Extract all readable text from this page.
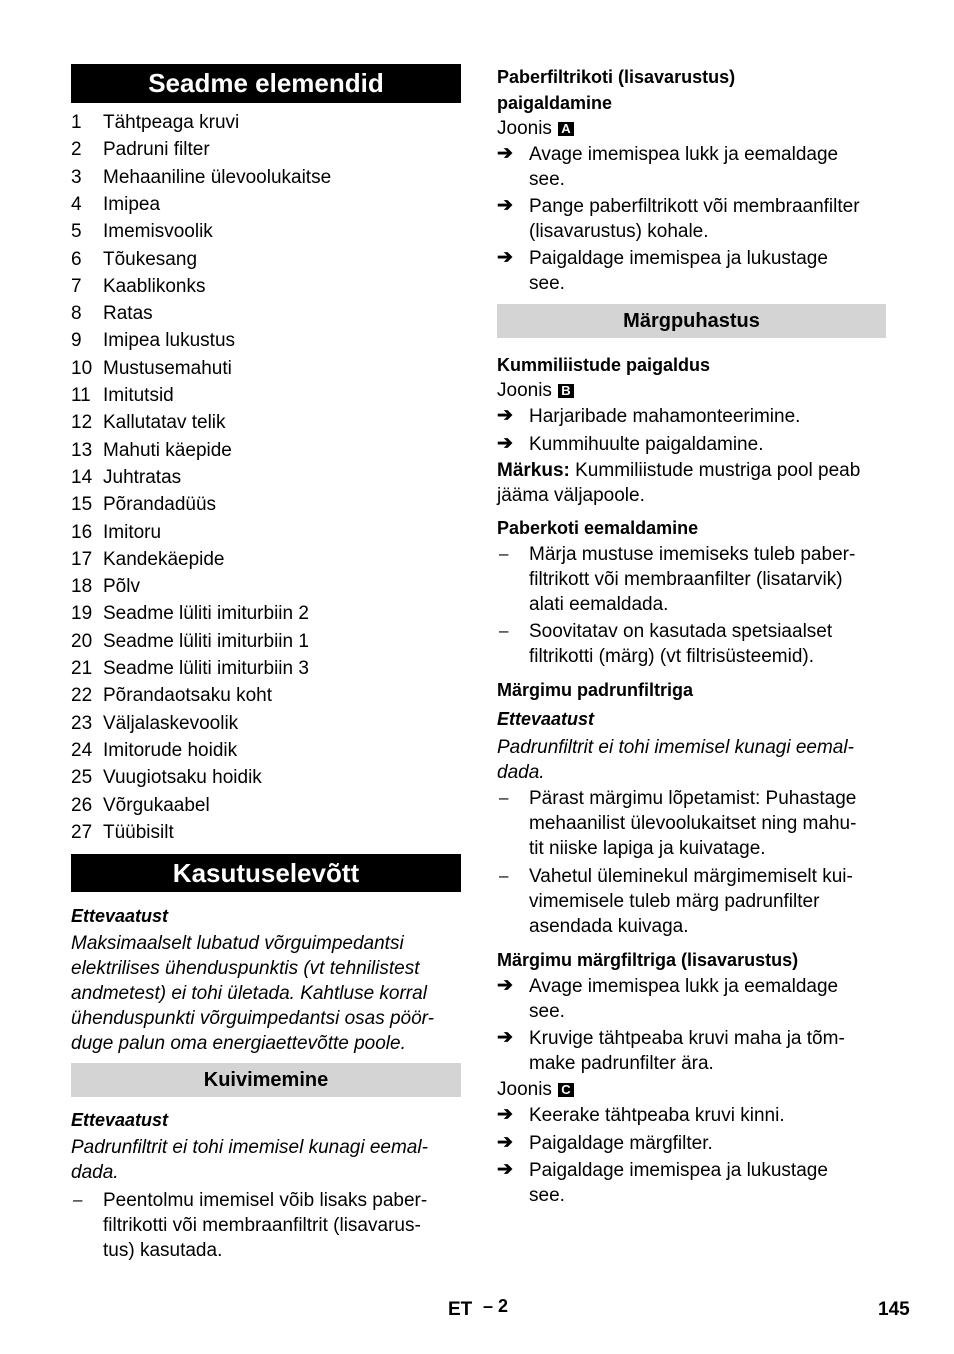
Seadme elemendid
1 Tähtpeaga kruvi
2 Padruni filter
3 Mehaaniline ülevoolukaitse
4 Imipea
5 Imemisvoolik
6 Tõukesang
7 Kaablikonks
8 Ratas
9 Imipea lukustus
10 Mustusemahuti
11 Imitutsid
12 Kallutatav telik
13 Mahuti käepide
14 Juhtratas
15 Põrandadüüs
16 Imitoru
17 Kandekäepide
18 Põlv
19 Seadme lüliti imiturbiin 2
20 Seadme lüliti imiturbiin 1
21 Seadme lüliti imiturbiin 3
22 Põrandaotsaku koht
23 Väljalaskevoolik
24 Imitorude hoidik
25 Vuugiotsaku hoidik
26 Võrgukaabel
27 Tüübisilt
Kasutuselevõtt
Ettevaatust
Maksimaalselt lubatud võrguimpedantsi
elektrilises ühenduspunktis (vt tehnilistest
andmetest) ei tohi ületada. Kahtluse korral
ühenduspunkti võrguimpedantsi osas pöör-
duge palun oma energiaettevõtte poole.
Kuivimemine
Ettevaatust
Padrunfiltrit ei tohi imemisel kunagi eemal-
dada.
– Peentolmu imemisel võib lisaks paber-
filtrikotti või membraanfiltrit (lisavarus-
tus) kasutada.
Paberfiltrikoti (lisavarustus)
paigaldamine
Joonis A
➔ Avage imemispea lukk ja eemaldage
see.
➔ Pange paberfiltrikott või membraanfilter
(lisavarustus) kohale.
➔ Paigaldage imemispea ja lukustage
see.
Märgpuhastus
Kummiliistude paigaldus
Joonis B
➔ Harjaribade mahamonteerimine.
➔ Kummihuulte paigaldamine.
Märkus: Kummiliistude mustriga pool peab
jääma väljapoole.
Paberkoti eemaldamine
– Märja mustuse imemiseks tuleb paber-
filtrikott või membraanfilter (lisatarvik)
alati eemaldada.
– Soovitatav on kasutada spetsiaalset
filtrikotti (märg) (vt filtrisüsteemid).
Märgimu padrunfiltriga
Ettevaatust
Padrunfiltrit ei tohi imemisel kunagi eemal-
dada.
– Pärast märgimu lõpetamist: Puhastage
mehaanilist ülevoolukaitset ning mahu-
tit niiske lapiga ja kuivatage.
– Vahetul üleminekul märgimemiselt kui-
vimemisele tuleb märg padrunfilter
asendada kuivaga.
Märgimu märgfiltriga (lisavarustus)
➔ Avage imemispea lukk ja eemaldage
see.
➔ Kruvige tähtpeaba kruvi maha ja tõm-
make padrunfilter ära.
Joonis C
➔ Keerake tähtpeaba kruvi kinni.
➔ Paigaldage märgfilter.
➔ Paigaldage imemispea ja lukustage
see.
ET – 2	145
